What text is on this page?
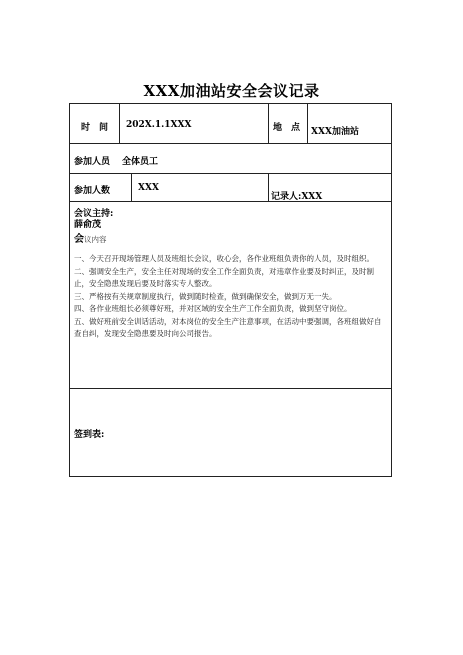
XXX加油站安全会议记录
时　间 202X.1.1XXX	地　点 XXX加油站
参加人员 全体员工
参加人数	XXX
记录人:XXX
会议主持:
薛俞茂
会议内容

一、今天召开现场管理人员及班组长会议，收心会，各作业班组负责你的人员，及时组织。

二、强调安全生产，安全主任对现场的安全工作全面负责，对违章作业要及时纠正，及时制止，安全隐患发现后要及时落实专人整改。

三、严格按有关规章制度执行，做到随时检查，做到确保安全，做到万无一失。

四、各作业班组长必须尊好班，并对区域的安全生产工作全面负责，做到坚守岗位。

五、做好班前安全训话活动，对本岗位的安全生产注意事项，在活动中要强调，各班组做好自查自纠，发现安全隐患要及时向公司报告。

签到表:
